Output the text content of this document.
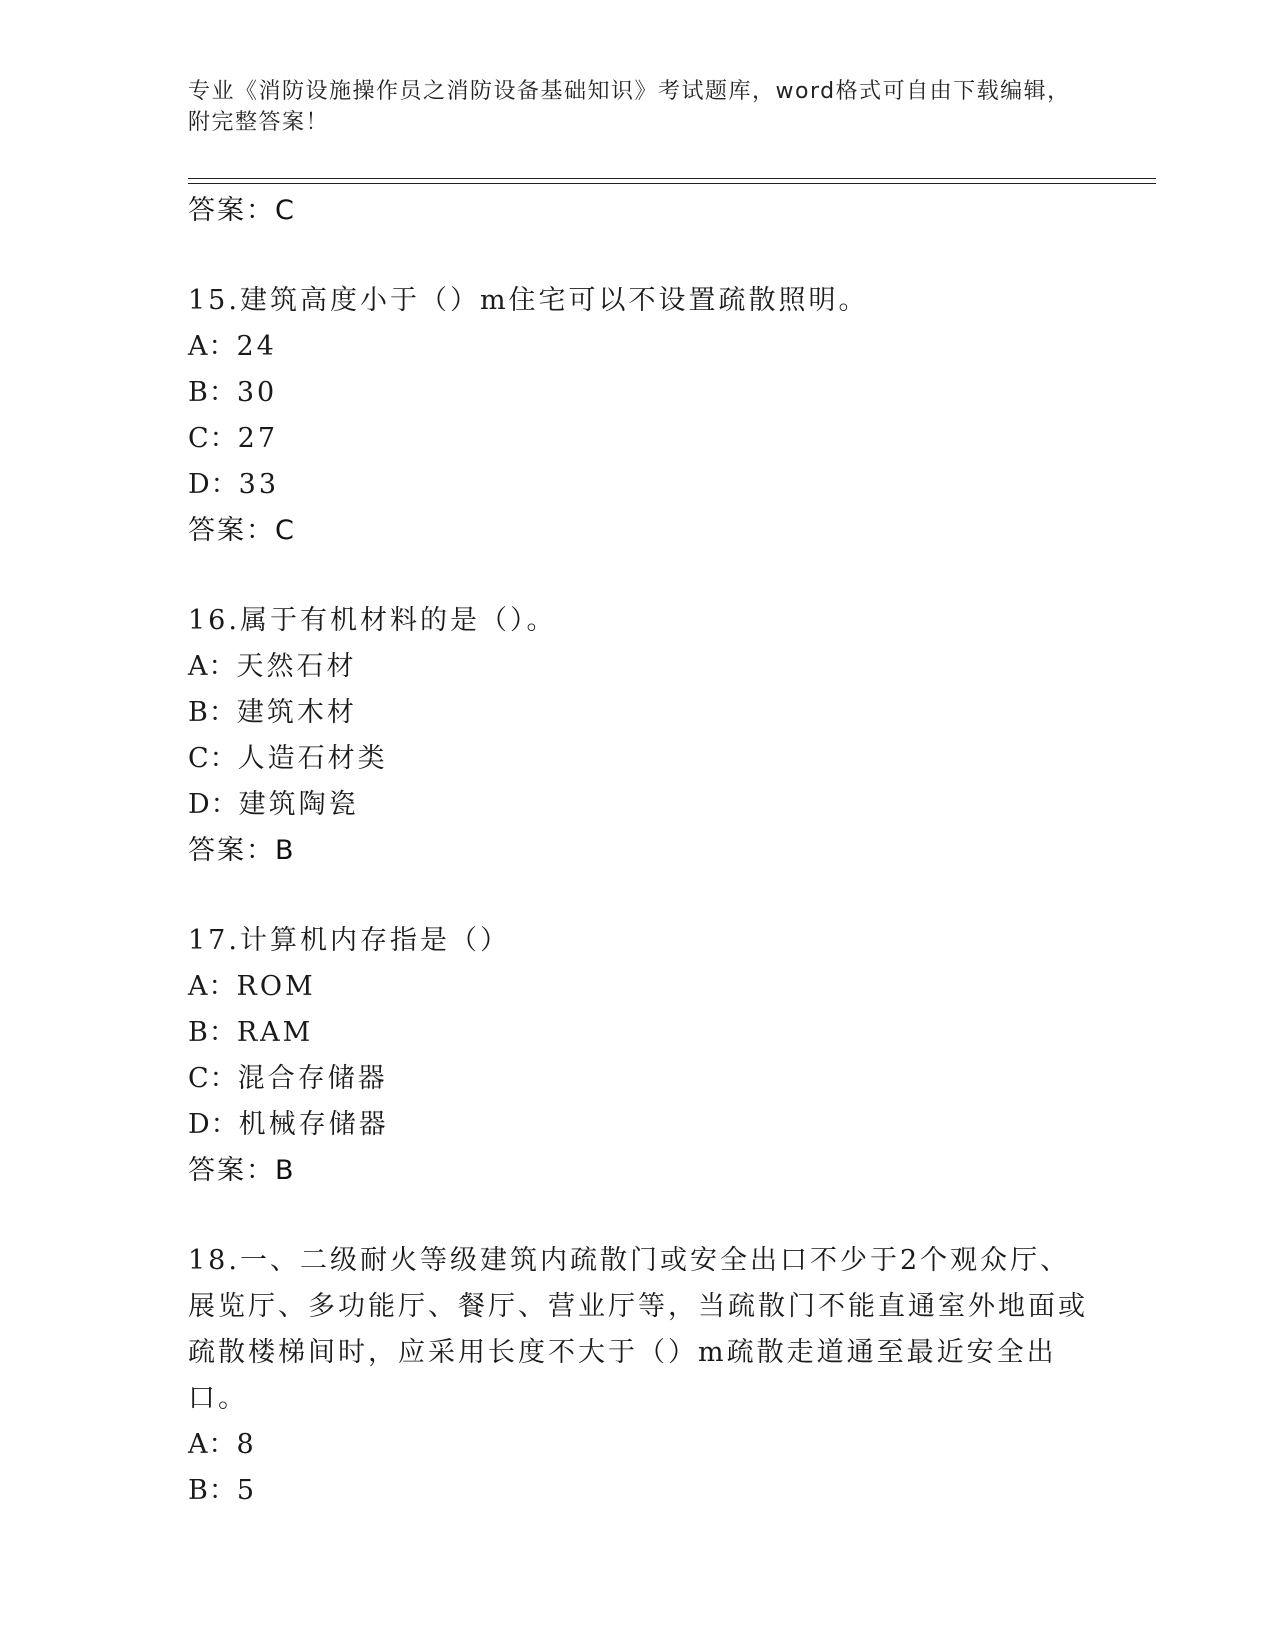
专业《消防设施操作员之消防设备基础知识》考试题库，word格式可自由下载编辑，附完整答案！
答案：C
15.建筑高度小于（）m住宅可以不设置疏散照明。
A：24
B：30
C：27
D：33
答案：C
16.属于有机材料的是（）。
A：天然石材
B：建筑木材
C：人造石材类
D：建筑陶瓷
答案：B
17.计算机内存指是（）
A：ROM
B：RAM
C：混合存储器
D：机械存储器
答案：B
18.一、二级耐火等级建筑内疏散门或安全出口不少于2个观众厅、展览厅、多功能厅、餐厅、营业厅等，当疏散门不能直通室外地面或疏散楼梯间时，应采用长度不大于（）m疏散走道通至最近安全出口。
A：8
B：5
